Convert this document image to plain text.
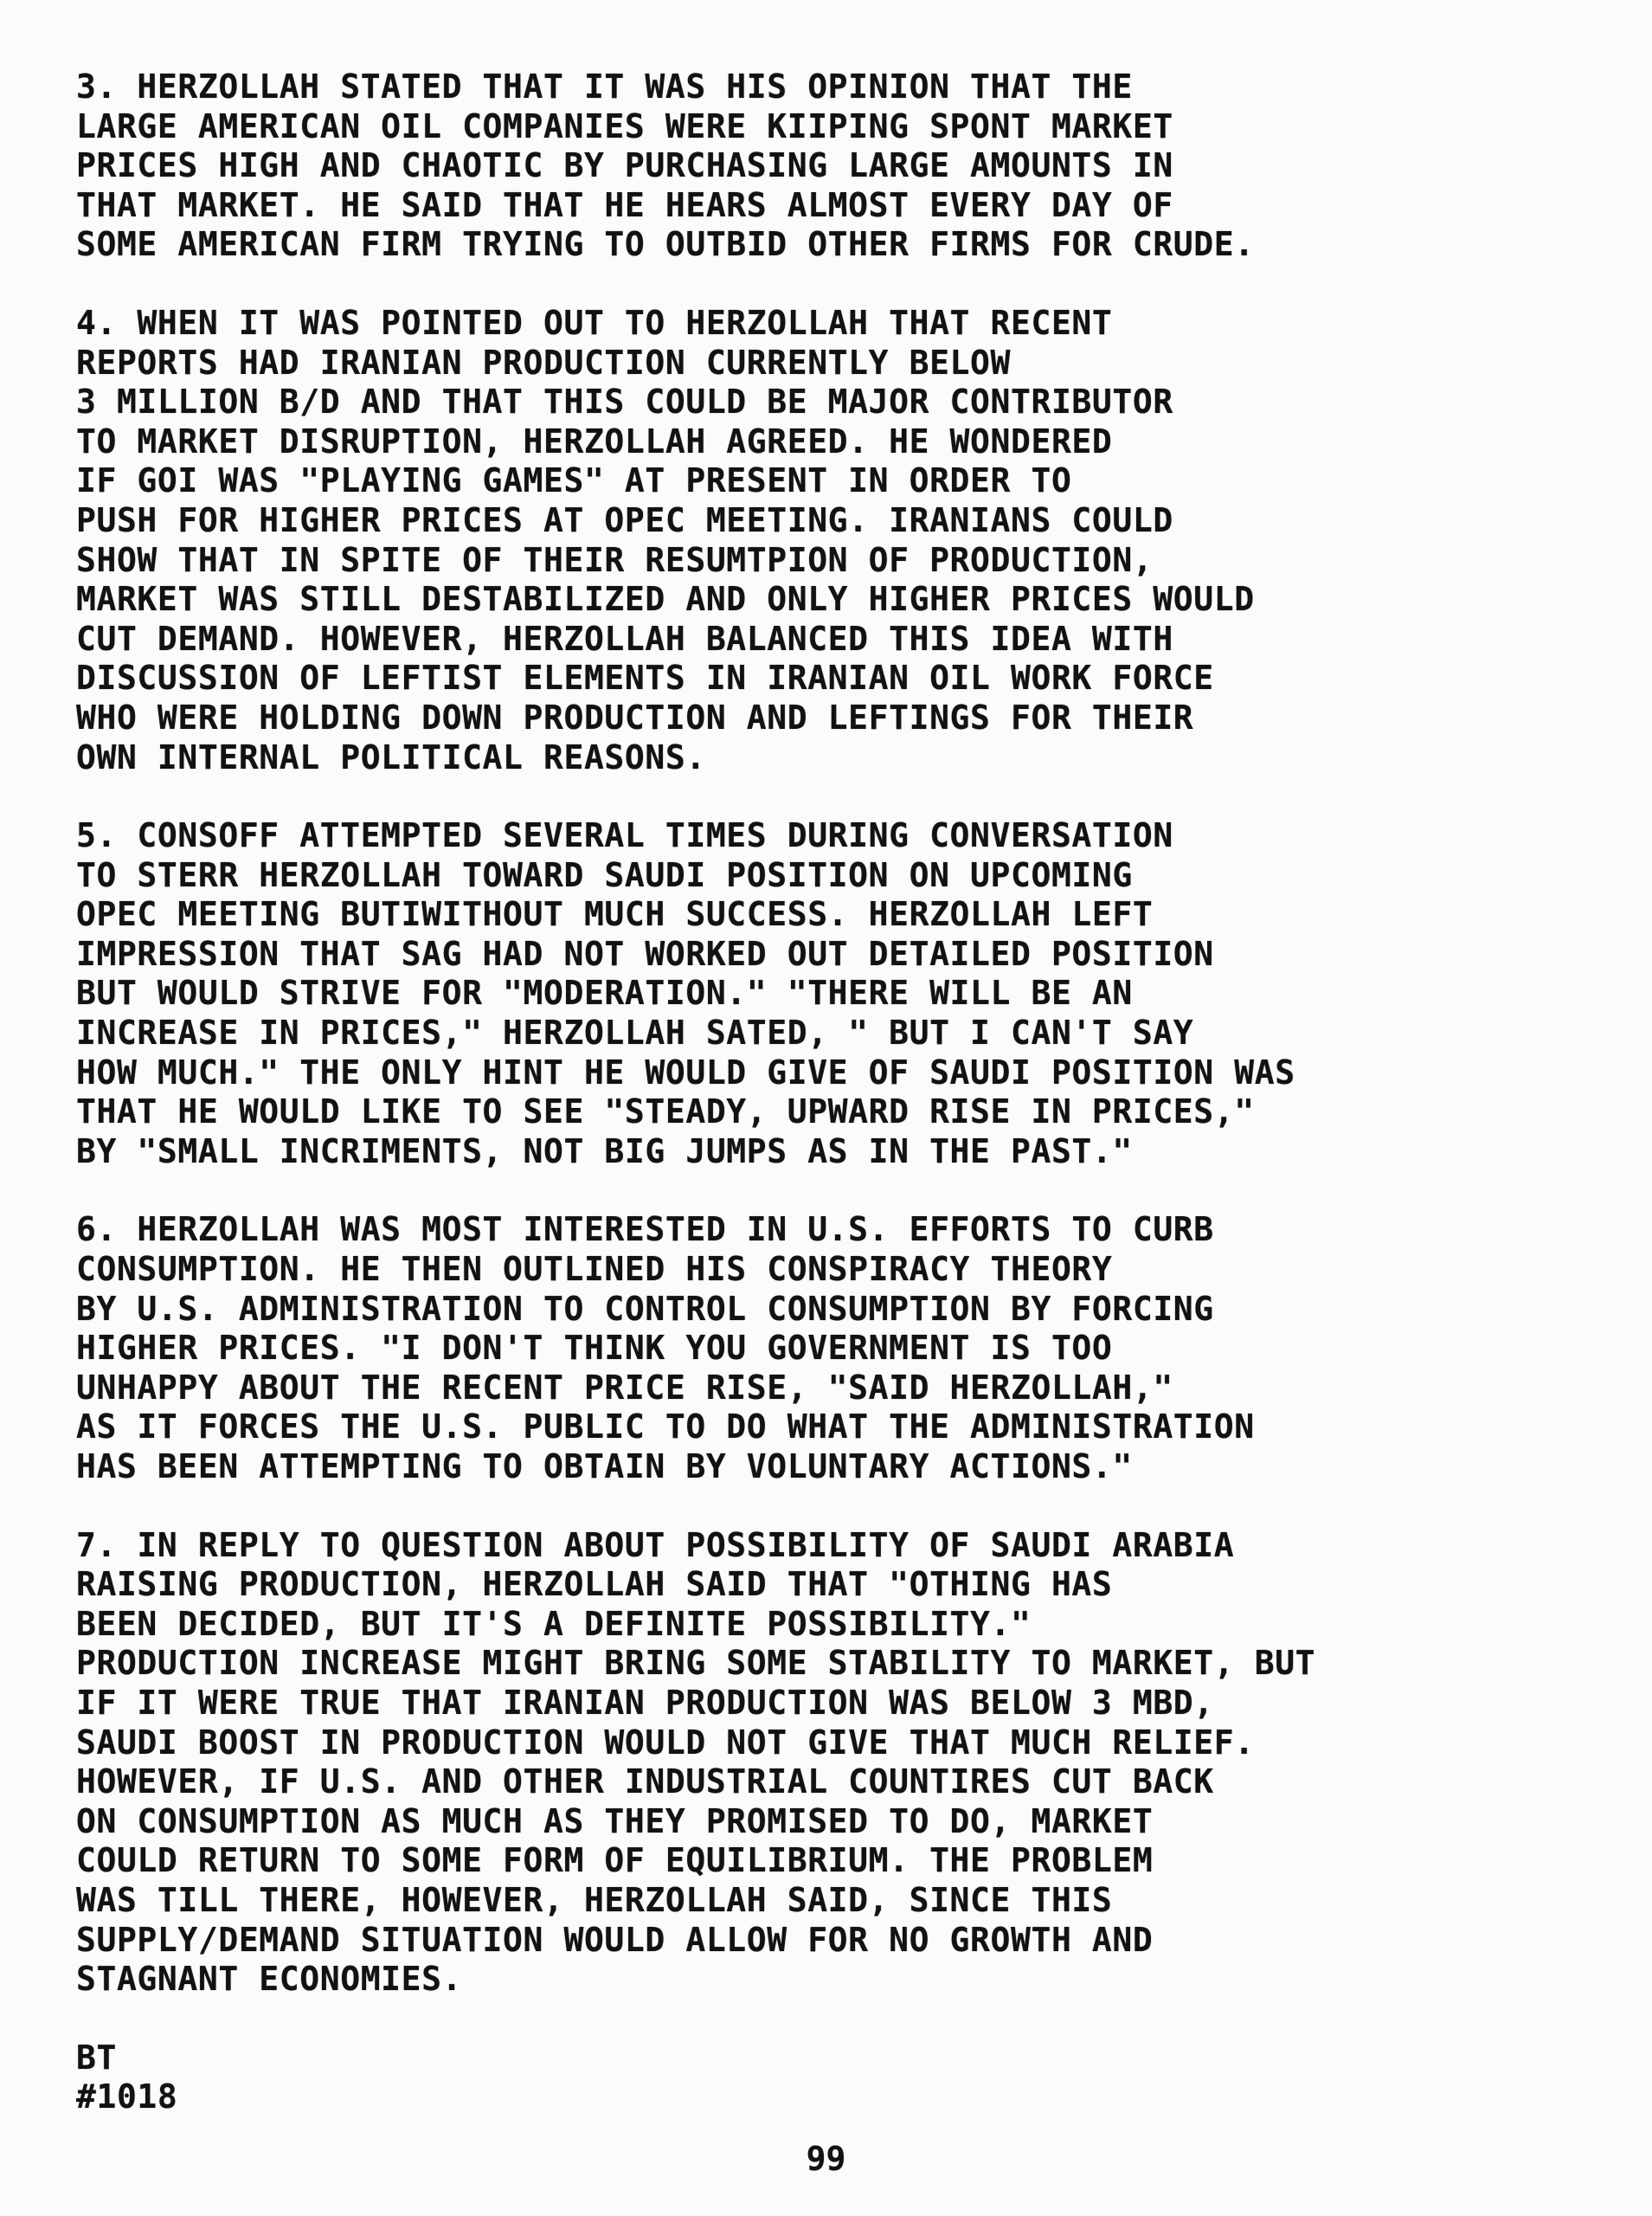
3. HERZOLLAH STATED THAT IT WAS HIS OPINION THAT THE
LARGE AMERICAN OIL COMPANIES WERE KIIPING SPONT MARKET
PRICES HIGH AND CHAOTIC BY PURCHASING LARGE AMOUNTS IN
THAT MARKET. HE SAID THAT HE HEARS ALMOST EVERY DAY OF
SOME AMERICAN FIRM TRYING TO OUTBID OTHER FIRMS FOR CRUDE.
4. WHEN IT WAS POINTED OUT TO HERZOLLAH THAT RECENT
REPORTS HAD IRANIAN PRODUCTION CURRENTLY BELOW
3 MILLION B/D AND THAT THIS COULD BE MAJOR CONTRIBUTOR
TO MARKET DISRUPTION, HERZOLLAH AGREED. HE WONDERED
IF GOI WAS "PLAYING GAMES" AT PRESENT IN ORDER TO
PUSH FOR HIGHER PRICES AT OPEC MEETING. IRANIANS COULD
SHOW THAT IN SPITE OF THEIR RESUMTPION OF PRODUCTION,
MARKET WAS STILL DESTABILIZED AND ONLY HIGHER PRICES WOULD
CUT DEMAND. HOWEVER, HERZOLLAH BALANCED THIS IDEA WITH
DISCUSSION OF LEFTIST ELEMENTS IN IRANIAN OIL WORK FORCE
WHO WERE HOLDING DOWN PRODUCTION AND LEFTINGS FOR THEIR
OWN INTERNAL POLITICAL REASONS.
5. CONSOFF ATTEMPTED SEVERAL TIMES DURING CONVERSATION
TO STERR HERZOLLAH TOWARD SAUDI POSITION ON UPCOMING
OPEC MEETING BUTIWITHOUT MUCH SUCCESS. HERZOLLAH LEFT
IMPRESSION THAT SAG HAD NOT WORKED OUT DETAILED POSITION
BUT WOULD STRIVE FOR "MODERATION." "THERE WILL BE AN
INCREASE IN PRICES," HERZOLLAH SATED, " BUT I CAN'T SAY
HOW MUCH." THE ONLY HINT HE WOULD GIVE OF SAUDI POSITION WAS
THAT HE WOULD LIKE TO SEE "STEADY, UPWARD RISE IN PRICES,"
BY "SMALL INCRIMENTS, NOT BIG JUMPS AS IN THE PAST."
6. HERZOLLAH WAS MOST INTERESTED IN U.S. EFFORTS TO CURB
CONSUMPTION. HE THEN OUTLINED HIS CONSPIRACY THEORY
BY U.S. ADMINISTRATION TO CONTROL CONSUMPTION BY FORCING
HIGHER PRICES. "I DON'T THINK YOU GOVERNMENT IS TOO
UNHAPPY ABOUT THE RECENT PRICE RISE, "SAID HERZOLLAH,"
AS IT FORCES THE U.S. PUBLIC TO DO WHAT THE ADMINISTRATION
HAS BEEN ATTEMPTING TO OBTAIN BY VOLUNTARY ACTIONS."
7. IN REPLY TO QUESTION ABOUT POSSIBILITY OF SAUDI ARABIA
RAISING PRODUCTION, HERZOLLAH SAID THAT "OTHING HAS
BEEN DECIDED, BUT IT'S A DEFINITE POSSIBILITY."
PRODUCTION INCREASE MIGHT BRING SOME STABILITY TO MARKET, BUT
IF IT WERE TRUE THAT IRANIAN PRODUCTION WAS BELOW 3 MBD,
SAUDI BOOST IN PRODUCTION WOULD NOT GIVE THAT MUCH RELIEF.
HOWEVER, IF U.S. AND OTHER INDUSTRIAL COUNTIRES CUT BACK
ON CONSUMPTION AS MUCH AS THEY PROMISED TO DO, MARKET
COULD RETURN TO SOME FORM OF EQUILIBRIUM. THE PROBLEM
WAS TILL THERE, HOWEVER, HERZOLLAH SAID, SINCE THIS
SUPPLY/DEMAND SITUATION WOULD ALLOW FOR NO GROWTH AND
STAGNANT ECONOMIES.
BT
#1018
99
